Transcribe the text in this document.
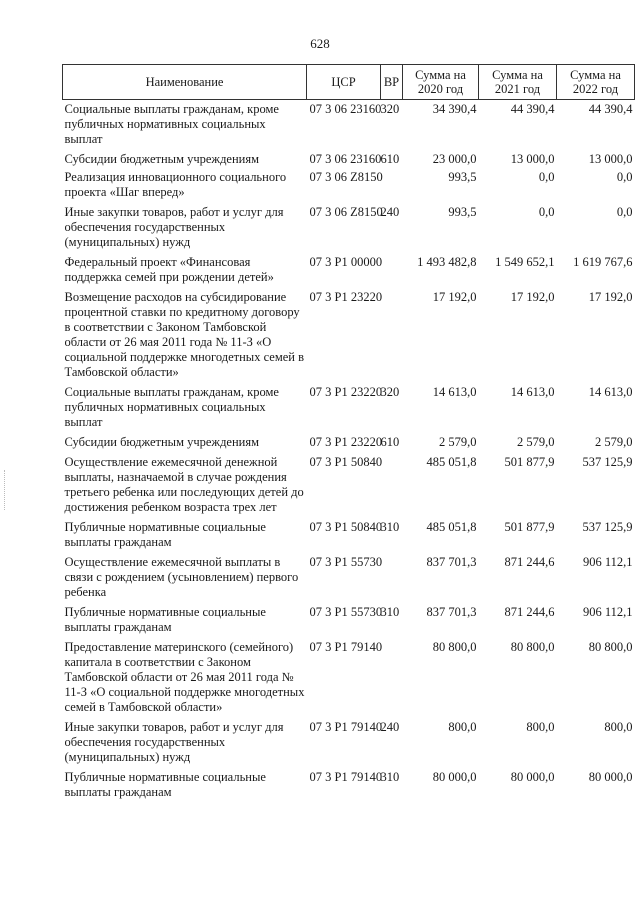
628
Наименование	ЦСР	ВР	Сумма на 2020 год	Сумма на 2021 год	Сумма на 2022 год
Социальные выплаты гражданам, кроме публичных нормативных социальных выплат	07 3 06 23160	320	34 390,4	44 390,4	44 390,4
Субсидии бюджетным учреждениям	07 3 06 23160	610	23 000,0	13 000,0	13 000,0
Реализация инновационного социального проекта «Шаг вперед»	07 3 06 Z8150		993,5	0,0	0,0
Иные закупки товаров, работ и услуг для обеспечения государственных (муниципальных) нужд	07 3 06 Z8150	240	993,5	0,0	0,0
Федеральный проект «Финансовая поддержка семей при рождении детей»	07 3 P1 00000		1 493 482,8	1 549 652,1	1 619 767,6
Возмещение расходов на субсидирование процентной ставки по кредитному договору в соответствии с Законом Тамбовской области от 26 мая 2011 года № 11-З «О социальной поддержке многодетных семей в Тамбовской области»	07 3 P1 23220		17 192,0	17 192,0	17 192,0
Социальные выплаты гражданам, кроме публичных нормативных социальных выплат	07 3 P1 23220	320	14 613,0	14 613,0	14 613,0
Субсидии бюджетным учреждениям	07 3 P1 23220	610	2 579,0	2 579,0	2 579,0
Осуществление ежемесячной денежной выплаты, назначаемой в случае рождения третьего ребенка или последующих детей до достижения ребенком возраста трех лет	07 3 P1 50840		485 051,8	501 877,9	537 125,9
Публичные нормативные социальные выплаты гражданам	07 3 P1 50840	310	485 051,8	501 877,9	537 125,9
Осуществление ежемесячной выплаты в связи с рождением (усыновлением) первого ребенка	07 3 P1 55730		837 701,3	871 244,6	906 112,1
Публичные нормативные социальные выплаты гражданам	07 3 P1 55730	310	837 701,3	871 244,6	906 112,1
Предоставление материнского (семейного) капитала в соответствии с Законом Тамбовской области от 26 мая 2011 года № 11-З «О социальной поддержке многодетных семей в Тамбовской области»	07 3 P1 79140		80 800,0	80 800,0	80 800,0
Иные закупки товаров, работ и услуг для обеспечения государственных (муниципальных) нужд	07 3 P1 79140	240	800,0	800,0	800,0
Публичные нормативные социальные выплаты гражданам	07 3 P1 79140	310	80 000,0	80 000,0	80 000,0
